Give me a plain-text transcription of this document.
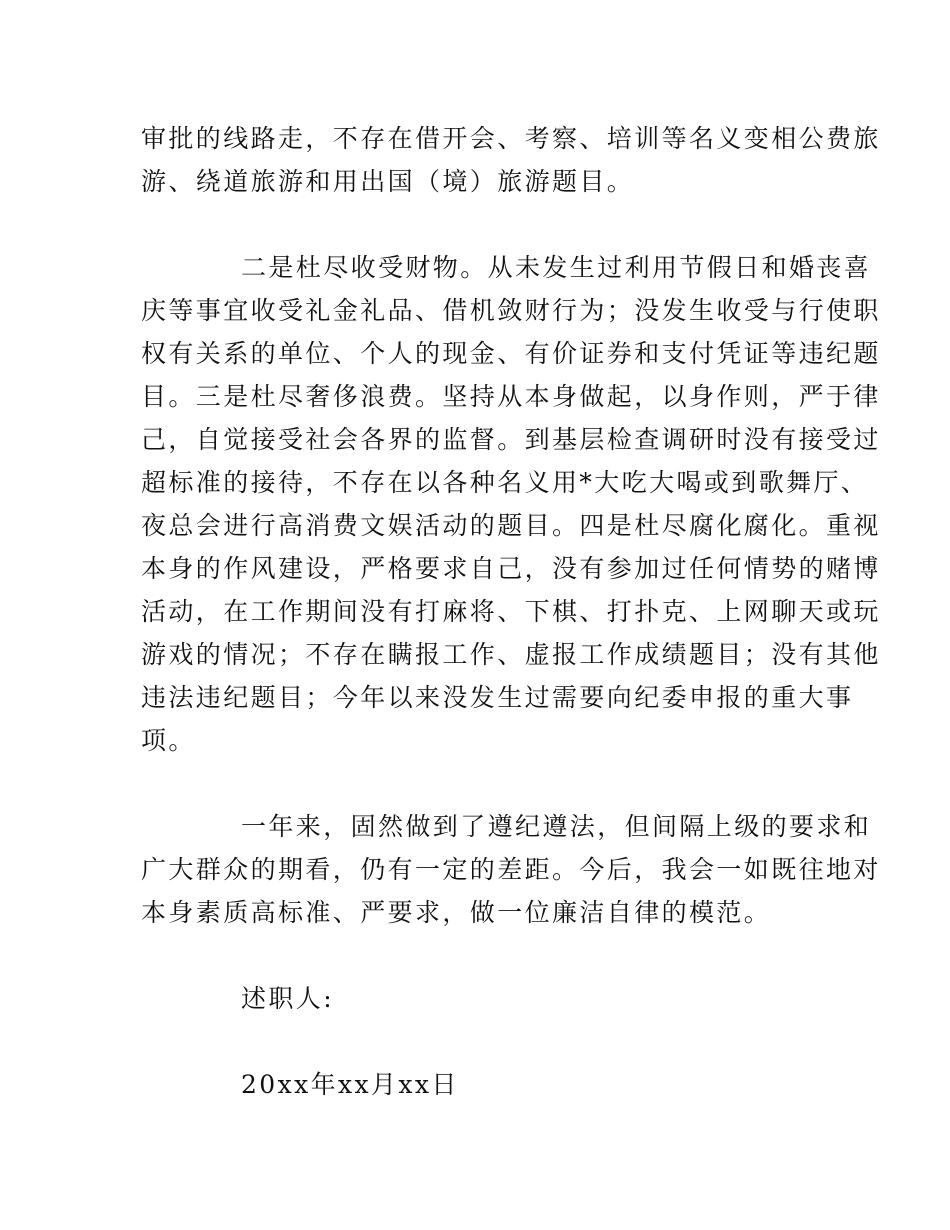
审批的线路走，不存在借开会、考察、培训等名义变相公费旅
游、绕道旅游和用出国（境）旅游题目。
二是杜尽收受财物。从未发生过利用节假日和婚丧喜
庆等事宜收受礼金礼品、借机敛财行为；没发生收受与行使职
权有关系的单位、个人的现金、有价证券和支付凭证等违纪题
目。三是杜尽奢侈浪费。坚持从本身做起，以身作则，严于律
己，自觉接受社会各界的监督。到基层检查调研时没有接受过
超标准的接待，不存在以各种名义用*大吃大喝或到歌舞厅、
夜总会进行高消费文娱活动的题目。四是杜尽腐化腐化。重视
本身的作风建设，严格要求自己，没有参加过任何情势的赌博
活动，在工作期间没有打麻将、下棋、打扑克、上网聊天或玩
游戏的情况；不存在瞒报工作、虚报工作成绩题目；没有其他
违法违纪题目；今年以来没发生过需要向纪委申报的重大事
项。
一年来，固然做到了遵纪遵法，但间隔上级的要求和
广大群众的期看，仍有一定的差距。今后，我会一如既往地对
本身素质高标准、严要求，做一位廉洁自律的模范。
述职人:
20xx年xx月xx日
